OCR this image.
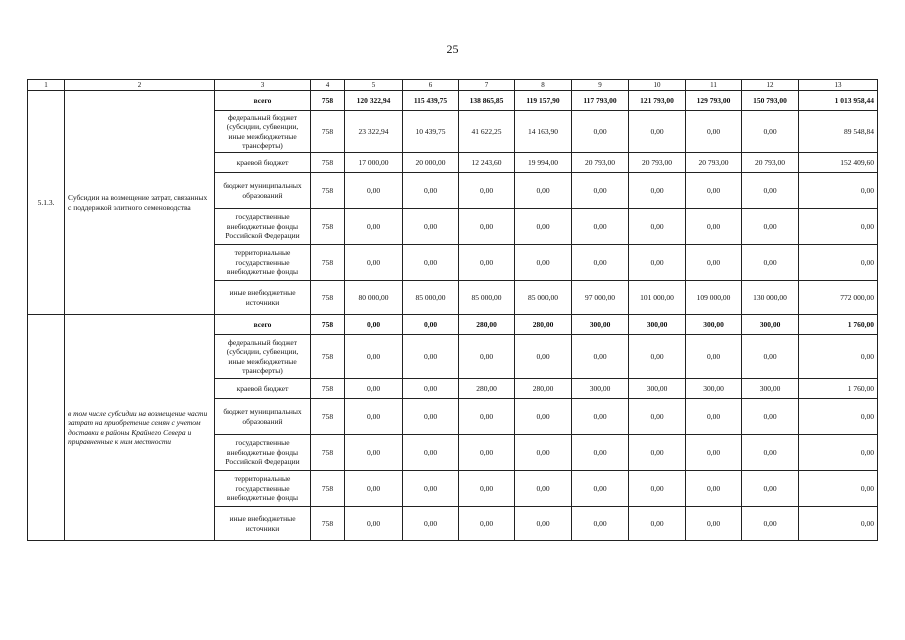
25
1	2	3	4	5	6	7	8	9	10	11	12	13
5.1.3.	Субсидии на возмещение затрат, связанных с поддержкой элитного семеноводства	всего	758	120 322,94	115 439,75	138 865,85	119 157,90	117 793,00	121 793,00	129 793,00	150 793,00	1 013 958,44
		федеральный бюджет (субсидии, субвенции, иные межбюджетные трансферты)	758	23 322,94	10 439,75	41 622,25	14 163,90	0,00	0,00	0,00	0,00	89 548,84
		краевой бюджет	758	17 000,00	20 000,00	12 243,60	19 994,00	20 793,00	20 793,00	20 793,00	20 793,00	152 409,60
		бюджет муниципальных образований	758	0,00	0,00	0,00	0,00	0,00	0,00	0,00	0,00	0,00
		государственные внебюджетные фонды Российской Федерации	758	0,00	0,00	0,00	0,00	0,00	0,00	0,00	0,00	0,00
		территориальные государственные внебюджетные фонды	758	0,00	0,00	0,00	0,00	0,00	0,00	0,00	0,00	0,00
		иные внебюджетные источники	758	80 000,00	85 000,00	85 000,00	85 000,00	97 000,00	101 000,00	109 000,00	130 000,00	772 000,00
	в том числе субсидии на возмещение части затрат на приобретение семян с учетом доставки в районы Крайнего Севера и приравненные к ним местности	всего	758	0,00	0,00	280,00	280,00	300,00	300,00	300,00	300,00	1 760,00
		федеральный бюджет (субсидии, субвенции, иные межбюджетные трансферты)	758	0,00	0,00	0,00	0,00	0,00	0,00	0,00	0,00	0,00
		краевой бюджет	758	0,00	0,00	280,00	280,00	300,00	300,00	300,00	300,00	1 760,00
		бюджет муниципальных образований	758	0,00	0,00	0,00	0,00	0,00	0,00	0,00	0,00	0,00
		государственные внебюджетные фонды Российской Федерации	758	0,00	0,00	0,00	0,00	0,00	0,00	0,00	0,00	0,00
		территориальные государственные внебюджетные фонды	758	0,00	0,00	0,00	0,00	0,00	0,00	0,00	0,00	0,00
		иные внебюджетные источники	758	0,00	0,00	0,00	0,00	0,00	0,00	0,00	0,00	0,00
